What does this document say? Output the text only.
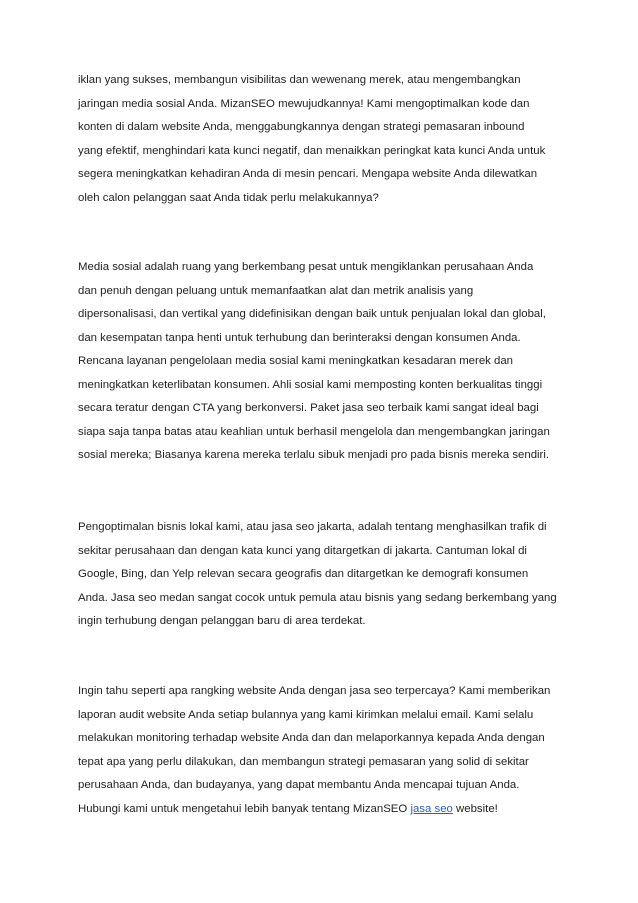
iklan yang sukses, membangun visibilitas dan wewenang merek, atau mengembangkan
jaringan media sosial Anda. MizanSEO mewujudkannya! Kami mengoptimalkan kode dan
konten di dalam website Anda, menggabungkannya dengan strategi pemasaran inbound
yang efektif, menghindari kata kunci negatif, dan menaikkan peringkat kata kunci Anda untuk
segera meningkatkan kehadiran Anda di mesin pencari. Mengapa website Anda dilewatkan
oleh calon pelanggan saat Anda tidak perlu melakukannya?
Media sosial adalah ruang yang berkembang pesat untuk mengiklankan perusahaan Anda
dan penuh dengan peluang untuk memanfaatkan alat dan metrik analisis yang
dipersonalisasi, dan vertikal yang didefinisikan dengan baik untuk penjualan lokal dan global,
dan kesempatan tanpa henti untuk terhubung dan berinteraksi dengan konsumen Anda.
Rencana layanan pengelolaan media sosial kami meningkatkan kesadaran merek dan
meningkatkan keterlibatan konsumen. Ahli sosial kami memposting konten berkualitas tinggi
secara teratur dengan CTA yang berkonversi. Paket jasa seo terbaik kami sangat ideal bagi
siapa saja tanpa batas atau keahlian untuk berhasil mengelola dan mengembangkan jaringan
sosial mereka; Biasanya karena mereka terlalu sibuk menjadi pro pada bisnis mereka sendiri.
Pengoptimalan bisnis lokal kami, atau jasa seo jakarta, adalah tentang menghasilkan trafik di
sekitar perusahaan dan dengan kata kunci yang ditargetkan di jakarta. Cantuman lokal di
Google, Bing, dan Yelp relevan secara geografis dan ditargetkan ke demografi konsumen
Anda. Jasa seo medan sangat cocok untuk pemula atau bisnis yang sedang berkembang yang
ingin terhubung dengan pelanggan baru di area terdekat.
Ingin tahu seperti apa rangking website Anda dengan jasa seo terpercaya? Kami memberikan
laporan audit website Anda setiap bulannya yang kami kirimkan melalui email. Kami selalu
melakukan monitoring terhadap website Anda dan dan melaporkannya kepada Anda dengan
tepat apa yang perlu dilakukan, dan membangun strategi pemasaran yang solid di sekitar
perusahaan Anda, dan budayanya, yang dapat membantu Anda mencapai tujuan Anda.
Hubungi kami untuk mengetahui lebih banyak tentang MizanSEO jasa seo website!
